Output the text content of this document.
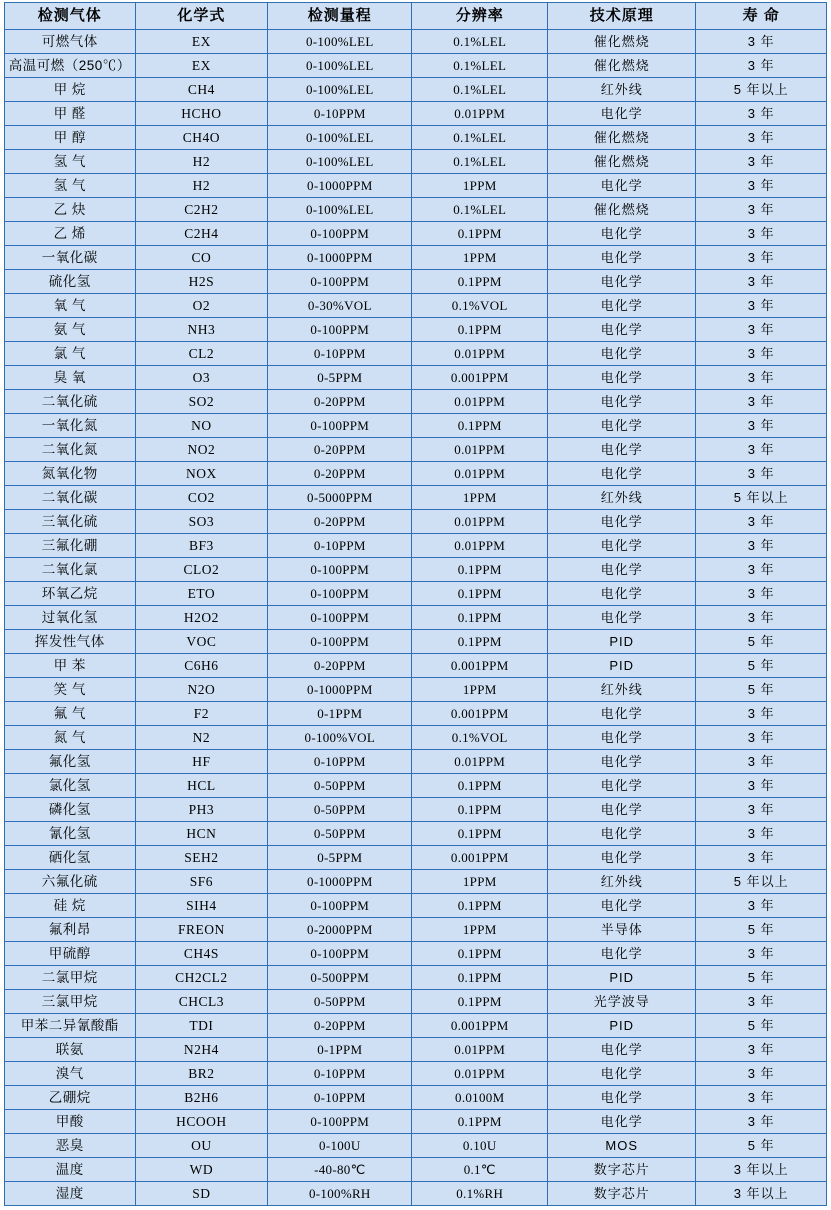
检测气体	化学式	检测量程	分辨率	技术原理	寿 命
可燃气体	EX	0-100%LEL	0.1%LEL	催化燃烧	3 年
高温可燃（250℃）	EX	0-100%LEL	0.1%LEL	催化燃烧	3 年
甲 烷	CH4	0-100%LEL	0.1%LEL	红外线	5 年以上
甲 醛	HCHO	0-10PPM	0.01PPM	电化学	3 年
甲 醇	CH4O	0-100%LEL	0.1%LEL	催化燃烧	3 年
氢 气	H2	0-100%LEL	0.1%LEL	催化燃烧	3 年
氢 气	H2	0-1000PPM	1PPM	电化学	3 年
乙 炔	C2H2	0-100%LEL	0.1%LEL	催化燃烧	3 年
乙 烯	C2H4	0-100PPM	0.1PPM	电化学	3 年
一氧化碳	CO	0-1000PPM	1PPM	电化学	3 年
硫化氢	H2S	0-100PPM	0.1PPM	电化学	3 年
氧 气	O2	0-30%VOL	0.1%VOL	电化学	3 年
氨 气	NH3	0-100PPM	0.1PPM	电化学	3 年
氯 气	CL2	0-10PPM	0.01PPM	电化学	3 年
臭 氧	O3	0-5PPM	0.001PPM	电化学	3 年
二氧化硫	SO2	0-20PPM	0.01PPM	电化学	3 年
一氧化氮	NO	0-100PPM	0.1PPM	电化学	3 年
二氧化氮	NO2	0-20PPM	0.01PPM	电化学	3 年
氮氧化物	NOX	0-20PPM	0.01PPM	电化学	3 年
二氧化碳	CO2	0-5000PPM	1PPM	红外线	5 年以上
三氧化硫	SO3	0-20PPM	0.01PPM	电化学	3 年
三氟化硼	BF3	0-10PPM	0.01PPM	电化学	3 年
二氧化氯	CLO2	0-100PPM	0.1PPM	电化学	3 年
环氧乙烷	ETO	0-100PPM	0.1PPM	电化学	3 年
过氧化氢	H2O2	0-100PPM	0.1PPM	电化学	3 年
挥发性气体	VOC	0-100PPM	0.1PPM	PID	5 年
甲 苯	C6H6	0-20PPM	0.001PPM	PID	5 年
笑 气	N2O	0-1000PPM	1PPM	红外线	5 年
氟 气	F2	0-1PPM	0.001PPM	电化学	3 年
氮 气	N2	0-100%VOL	0.1%VOL	电化学	3 年
氟化氢	HF	0-10PPM	0.01PPM	电化学	3 年
氯化氢	HCL	0-50PPM	0.1PPM	电化学	3 年
磷化氢	PH3	0-50PPM	0.1PPM	电化学	3 年
氰化氢	HCN	0-50PPM	0.1PPM	电化学	3 年
硒化氢	SEH2	0-5PPM	0.001PPM	电化学	3 年
六氟化硫	SF6	0-1000PPM	1PPM	红外线	5 年以上
硅 烷	SIH4	0-100PPM	0.1PPM	电化学	3 年
氟利昂	FREON	0-2000PPM	1PPM	半导体	5 年
甲硫醇	CH4S	0-100PPM	0.1PPM	电化学	3 年
二氯甲烷	CH2CL2	0-500PPM	0.1PPM	PID	5 年
三氯甲烷	CHCL3	0-50PPM	0.1PPM	光学波导	3 年
甲苯二异氰酸酯	TDI	0-20PPM	0.001PPM	PID	5 年
联氨	N2H4	0-1PPM	0.01PPM	电化学	3 年
溴气	BR2	0-10PPM	0.01PPM	电化学	3 年
乙硼烷	B2H6	0-10PPM	0.0100M	电化学	3 年
甲酸	HCOOH	0-100PPM	0.1PPM	电化学	3 年
恶臭	OU	0-100U	0.10U	MOS	5 年
温度	WD	-40-80℃	0.1℃	数字芯片	3 年以上
湿度	SD	0-100%RH	0.1%RH	数字芯片	3 年以上
